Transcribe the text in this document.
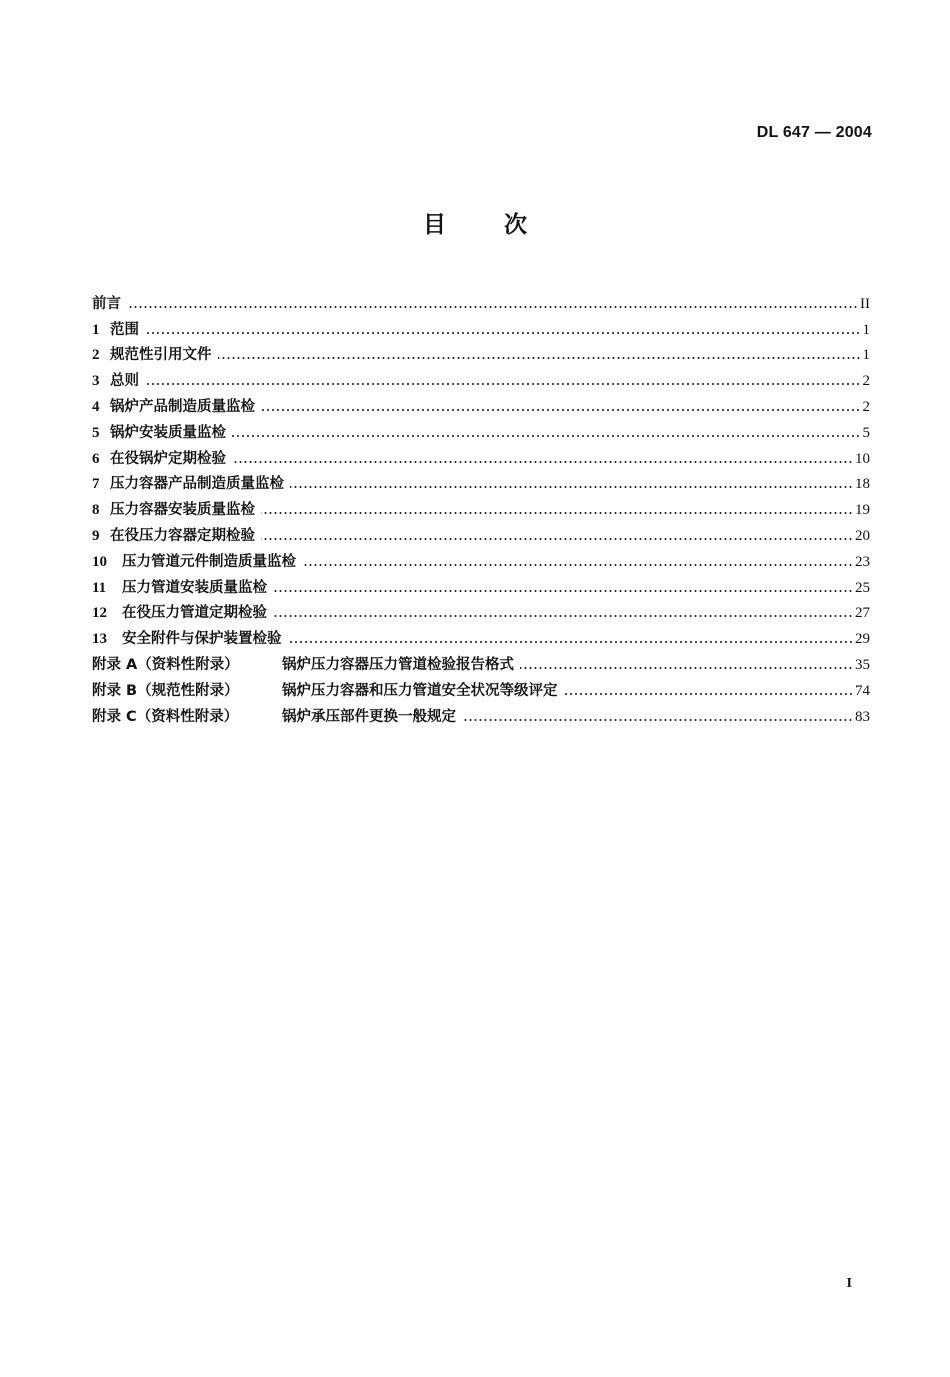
DL 647 — 2004
目	次
前言	II
1 范围	1
2 规范性引用文件	1
3 总则	2
4 锅炉产品制造质量监检	2
5 锅炉安装质量监检	5
6 在役锅炉定期检验	10
7 压力容器产品制造质量监检	18
8 压力容器安装质量监检	19
9 在役压力容器定期检验	20
10 压力管道元件制造质量监检	23
11 压力管道安装质量监检	25
12 在役压力管道定期检验	27
13 安全附件与保护装置检验	29
附录 A（资料性附录）	锅炉压力容器压力管道检验报告格式	35
附录 B（规范性附录）	锅炉压力容器和压力管道安全状况等级评定	74
附录 C（资料性附录）	锅炉承压部件更换一般规定	83
I
